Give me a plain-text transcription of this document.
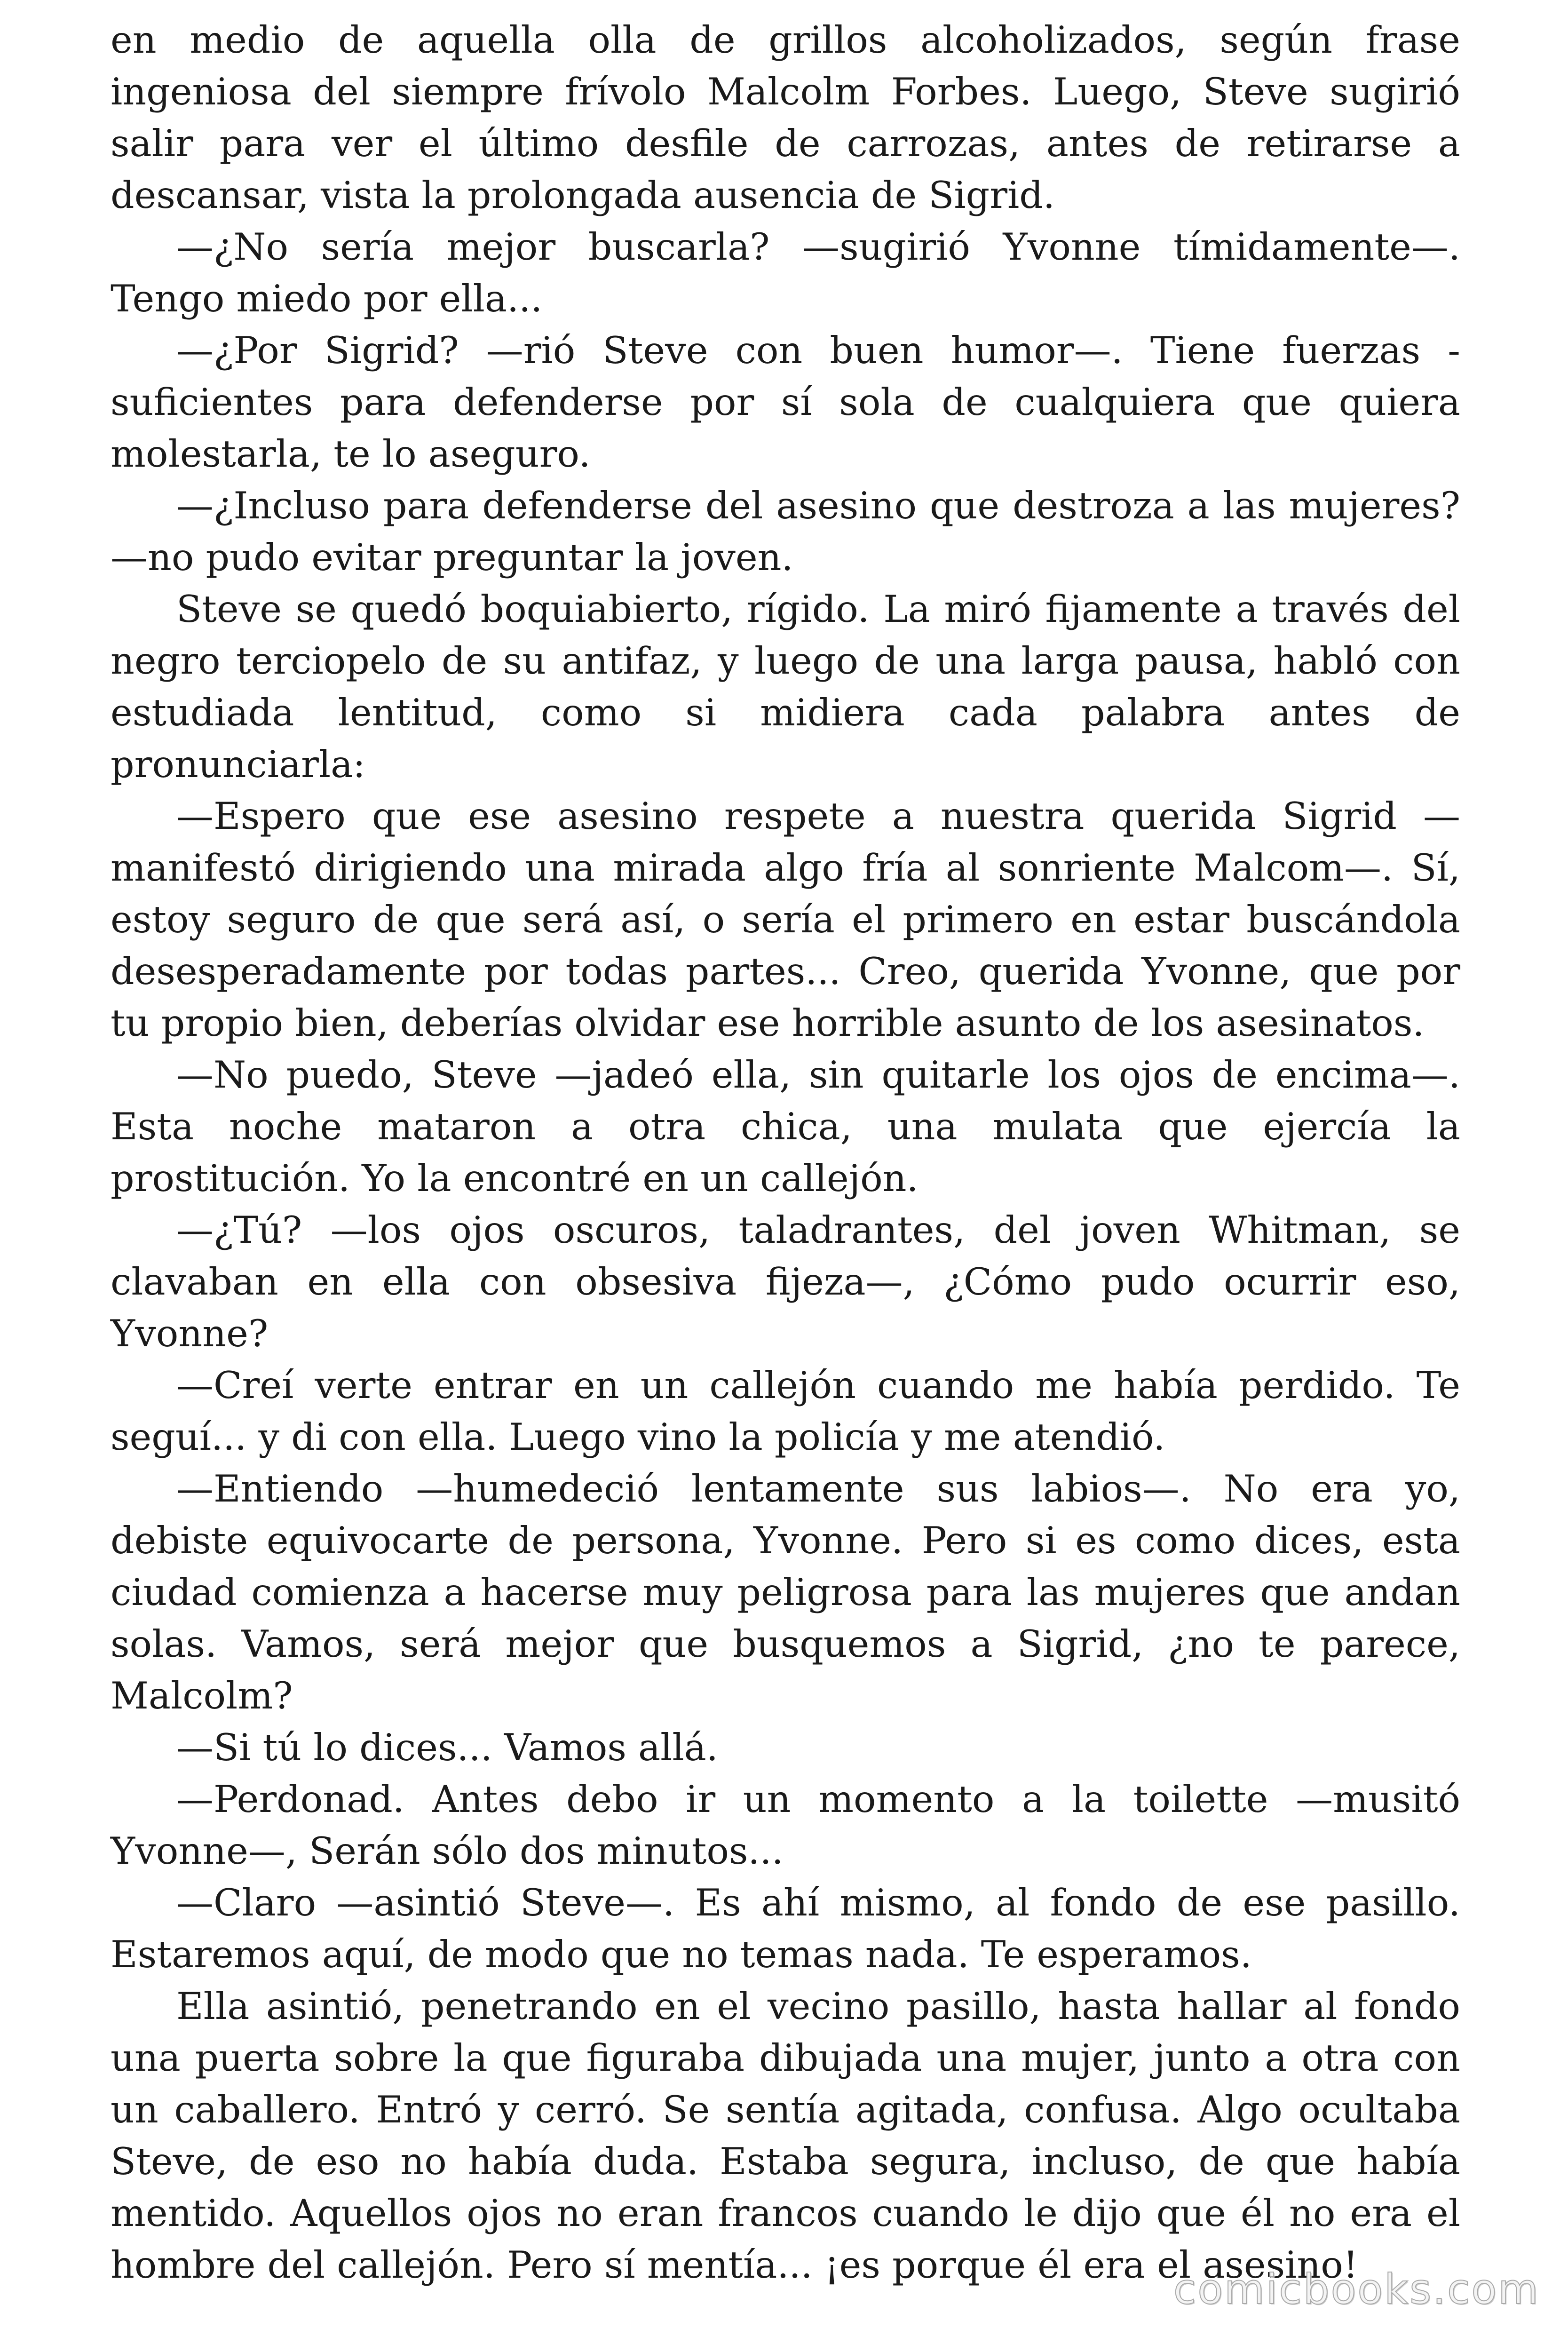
en medio de aquella olla de grillos alcoholizados, según frase ingeniosa del siempre frívolo Malcolm Forbes. Luego, Steve sugirió salir para ver el último desfile de carrozas, antes de retirarse a descansar, vista la prolongada ausencia de Sigrid.

—¿No sería mejor buscarla? —sugirió Yvonne tímidamente—. Tengo miedo por ella...

—¿Por Sigrid? —rió Steve con buen humor—. Tiene fuerzas - suficientes para defenderse por sí sola de cualquiera que quiera molestarla, te lo aseguro.

—¿Incluso para defenderse del asesino que destroza a las mujeres? —no pudo evitar preguntar la joven.

Steve se quedó boquiabierto, rígido. La miró fijamente a través del negro terciopelo de su antifaz, y luego de una larga pausa, habló con estudiada lentitud, como si midiera cada palabra antes de pronunciarla:

—Espero que ese asesino respete a nuestra querida Sigrid — manifestó dirigiendo una mirada algo fría al sonriente Malcom—. Sí, estoy seguro de que será así, o sería el primero en estar buscándola desesperadamente por todas partes... Creo, querida Yvonne, que por tu propio bien, deberías olvidar ese horrible asunto de los asesinatos.

—No puedo, Steve —jadeó ella, sin quitarle los ojos de encima—. Esta noche mataron a otra chica, una mulata que ejercía la prostitución. Yo la encontré en un callejón.

—¿Tú? —los ojos oscuros, taladrantes, del joven Whitman, se clavaban en ella con obsesiva fijeza—, ¿Cómo pudo ocurrir eso, Yvonne?

—Creí verte entrar en un callejón cuando me había perdido. Te seguí... y di con ella. Luego vino la policía y me atendió.

—Entiendo —humedeció lentamente sus labios—. No era yo, debiste equivocarte de persona, Yvonne. Pero si es como dices, esta ciudad comienza a hacerse muy peligrosa para las mujeres que andan solas. Vamos, será mejor que busquemos a Sigrid, ¿no te parece, Malcolm?

—Si tú lo dices... Vamos allá.

—Perdonad. Antes debo ir un momento a la toilette —musitó Yvonne—, Serán sólo dos minutos...

—Claro —asintió Steve—. Es ahí mismo, al fondo de ese pasillo. Estaremos aquí, de modo que no temas nada. Te esperamos.

Ella asintió, penetrando en el vecino pasillo, hasta hallar al fondo una puerta sobre la que figuraba dibujada una mujer, junto a otra con un caballero. Entró y cerró. Se sentía agitada, confusa. Algo ocultaba Steve, de eso no había duda. Estaba segura, incluso, de que había mentido. Aquellos ojos no eran francos cuando le dijo que él no era el hombre del callejón. Pero sí mentía... ¡es porque él era el asesino!

comicbooks.com
